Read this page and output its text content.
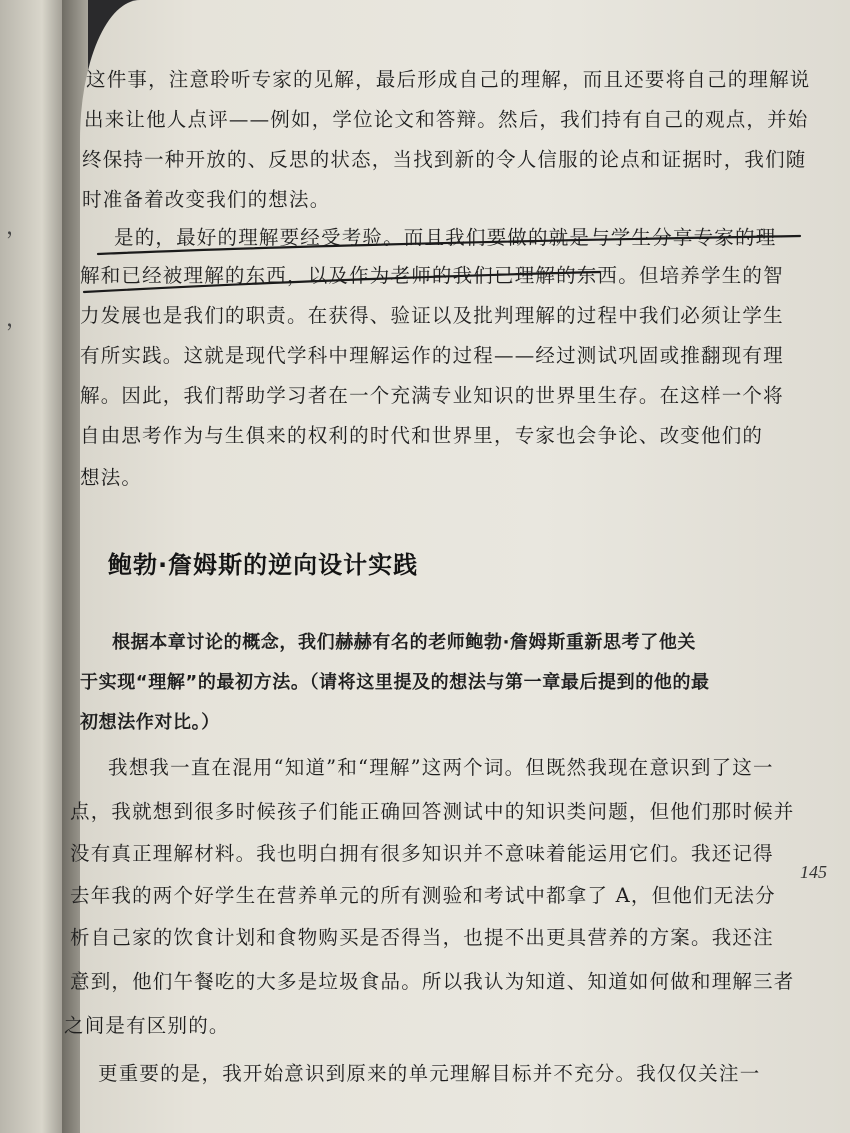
，
，
这件事，注意聆听专家的见解，最后形成自己的理解，而且还要将自己的理解说
出来让他人点评——例如，学位论文和答辩。然后，我们持有自己的观点，并始
终保持一种开放的、反思的状态，当找到新的令人信服的论点和证据时，我们随
时准备着改变我们的想法。
是的，最好的理解要经受考验。而且我们要做的就是与学生分享专家的理
解和已经被理解的东西，以及作为老师的我们已理解的东西。但培养学生的智
力发展也是我们的职责。在获得、验证以及批判理解的过程中我们必须让学生
有所实践。这就是现代学科中理解运作的过程——经过测试巩固或推翻现有理
解。因此，我们帮助学习者在一个充满专业知识的世界里生存。在这样一个将
自由思考作为与生俱来的权利的时代和世界里，专家也会争论、改变他们的
想法。

鲍勃·詹姆斯的逆向设计实践
根据本章讨论的概念，我们赫赫有名的老师鲍勃·詹姆斯重新思考了他关
于实现“理解”的最初方法。（请将这里提及的想法与第一章最后提到的他的最
初想法作对比。）
我想我一直在混用“知道”和“理解”这两个词。但既然我现在意识到了这一
点，我就想到很多时候孩子们能正确回答测试中的知识类问题，但他们那时候并
没有真正理解材料。我也明白拥有很多知识并不意味着能运用它们。我还记得
去年我的两个好学生在营养单元的所有测验和考试中都拿了 A，但他们无法分
析自己家的饮食计划和食物购买是否得当，也提不出更具营养的方案。我还注
意到，他们午餐吃的大多是垃圾食品。所以我认为知道、知道如何做和理解三者
之间是有区别的。
更重要的是，我开始意识到原来的单元理解目标并不充分。我仅仅关注一
145
